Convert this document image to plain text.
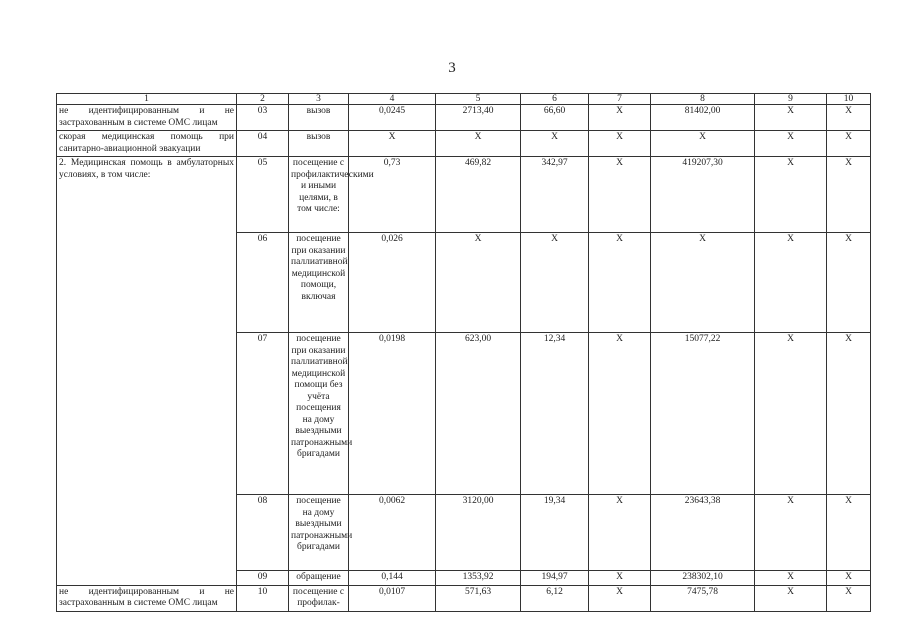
3
1	2	3	4	5	6	7	8	9	10
не идентифицированным и не застрахованным в системе ОМС лицам	03	вызов	0,0245	2713,40	66,60	X	81402,00	X	X
скорая медицинская помощь при санитарно-авиационной эвакуации	04	вызов	X	X	X	X	X	X	X
2. Медицинская помощь в амбулаторных условиях, в том числе:	05	посещение с профилактическими и иными целями, в том числе:	0,73	469,82	342,97	X	419207,30	X	X
	06	посещение при оказании паллиативной медицинской помощи, включая	0,026	X	X	X	X	X	X
	07	посещение при оказании паллиативной медицинской помощи без учёта посещения на дому выездными патронажными бригадами	0,0198	623,00	12,34	X	15077,22	X	X
	08	посещение на дому выездными патронажными бригадами	0,0062	3120,00	19,34	X	23643,38	X	X
	09	обращение	0,144	1353,92	194,97	X	238302,10	X	X
не идентифицированным и не застрахованным в системе ОМС лицам	10	посещение с профилак-	0,0107	571,63	6,12	X	7475,78	X	X
